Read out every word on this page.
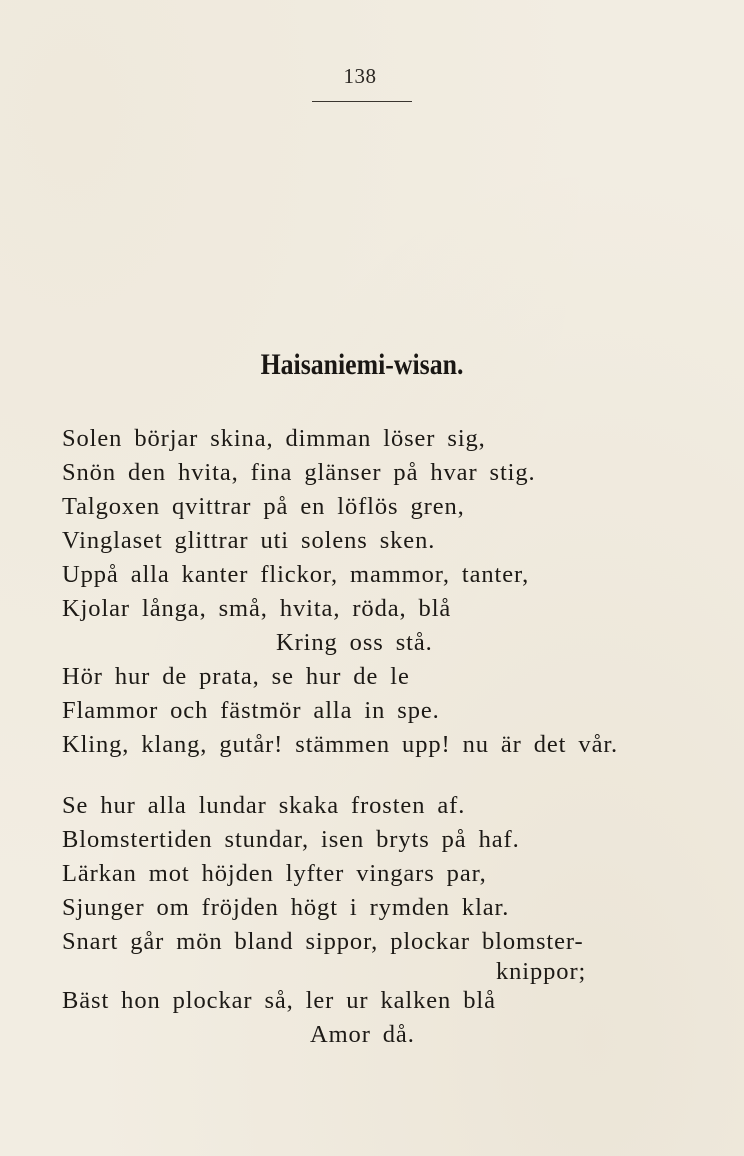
138
Haisaniemi-wisan.
Solen börjar skina, dimman löser sig,
Snön den hvita, fina glänser på hvar stig.
Talgoxen qvittrar på en löflös gren,
Vinglaset glittrar uti solens sken.
Uppå alla kanter flickor, mammor, tanter,
Kjolar långa, små, hvita, röda, blå
Kring oss stå.
Hör hur de prata, se hur de le
Flammor och fästmör alla in spe.
Kling, klang, gutår! stämmen upp! nu är det vår.
Se hur alla lundar skaka frosten af.
Blomstertiden stundar, isen bryts på haf.
Lärkan mot höjden lyfter vingars par,
Sjunger om fröjden högt i rymden klar.
Snart går mön bland sippor, plockar blomster-
knippor;
Bäst hon plockar så, ler ur kalken blå
Amor då.
